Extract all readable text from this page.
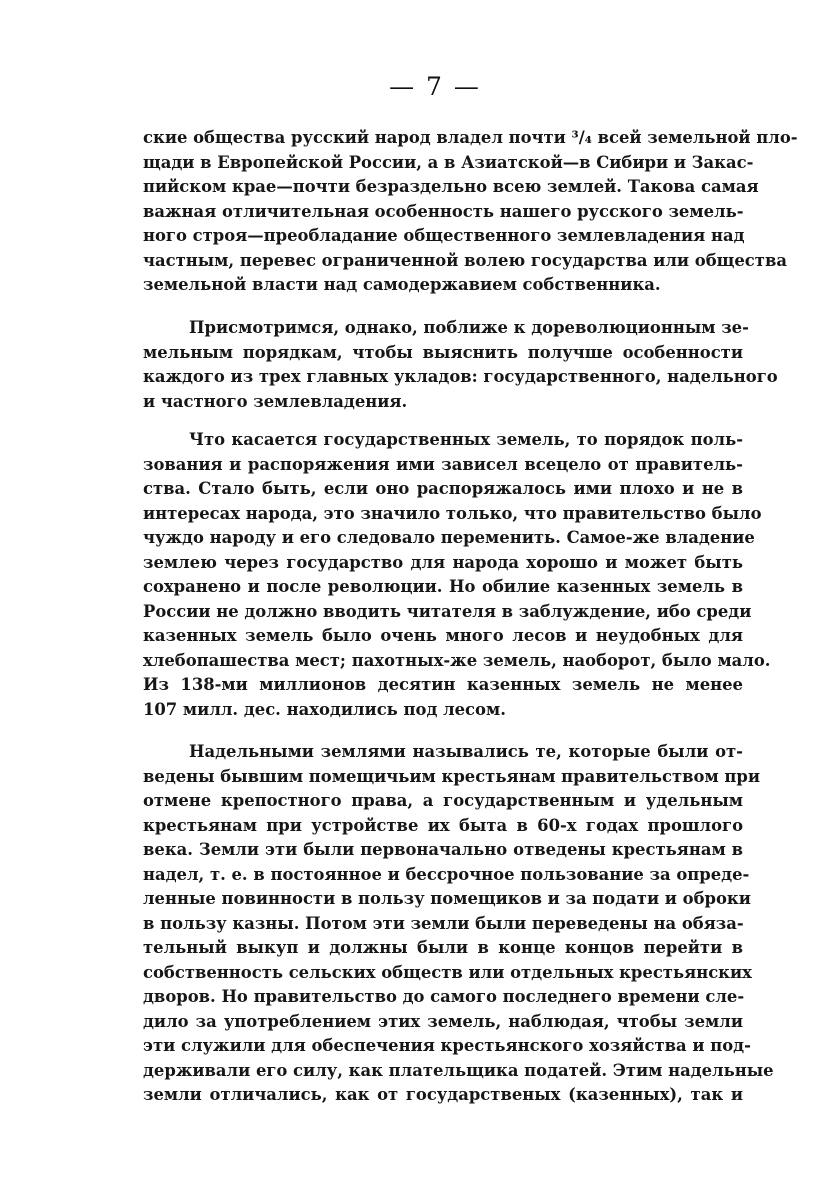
— 7 —
ские общества русский народ владел почти ³/₄ всей земельной пло-
щади в Европейской России, а в Азиатской—в Сибири и Закас-
пийском крае—почти безраздельно всею землей. Такова самая
важная отличительная особенность нашего русского земель-
ного строя—преобладание общественного землевладения над
частным, перевес ограниченной волею государства или общества
земельной власти над самодержавием собственника.
Присмотримся, однако, поближе к дореволюционным зе-
мельным порядкам, чтобы выяснить получше особенности
каждого из трех главных укладов: государственного, надельного
и частного землевладения.
Что касается государственных земель, то порядок поль-
зования и распоряжения ими зависел всецело от правитель-
ства. Стало быть, если оно распоряжалось ими плохо и не в
интересах народа, это значило только, что правительство было
чуждо народу и его следовало переменить. Самое-же владение
землею через государство для народа хорошо и может быть
сохранено и после революции. Но обилие казенных земель в
России не должно вводить читателя в заблуждение, ибо среди
казенных земель было очень много лесов и неудобных для
хлебопашества мест; пахотных-же земель, наоборот, было мало.
Из 138-ми миллионов десятин казенных земель не менее
107 милл. дес. находились под лесом.
Надельными землями назывались те, которые были от-
ведены бывшим помещичьим крестьянам правительством при
отмене крепостного права, а государственным и удельным
крестьянам при устройстве их быта в 60-х годах прошлого
века. Земли эти были первоначально отведены крестьянам в
надел, т. е. в постоянное и бессрочное пользование за опреде-
ленные повинности в пользу помещиков и за подати и оброки
в пользу казны. Потом эти земли были переведены на обяза-
тельный выкуп и должны были в конце концов перейти в
собственность сельских обществ или отдельных крестьянских
дворов. Но правительство до самого последнего времени сле-
дило за употреблением этих земель, наблюдая, чтобы земли
эти служили для обеспечения крестьянского хозяйства и под-
держивали его силу, как плательщика податей. Этим надельные
земли отличались, как от государственых (казенных), так и
